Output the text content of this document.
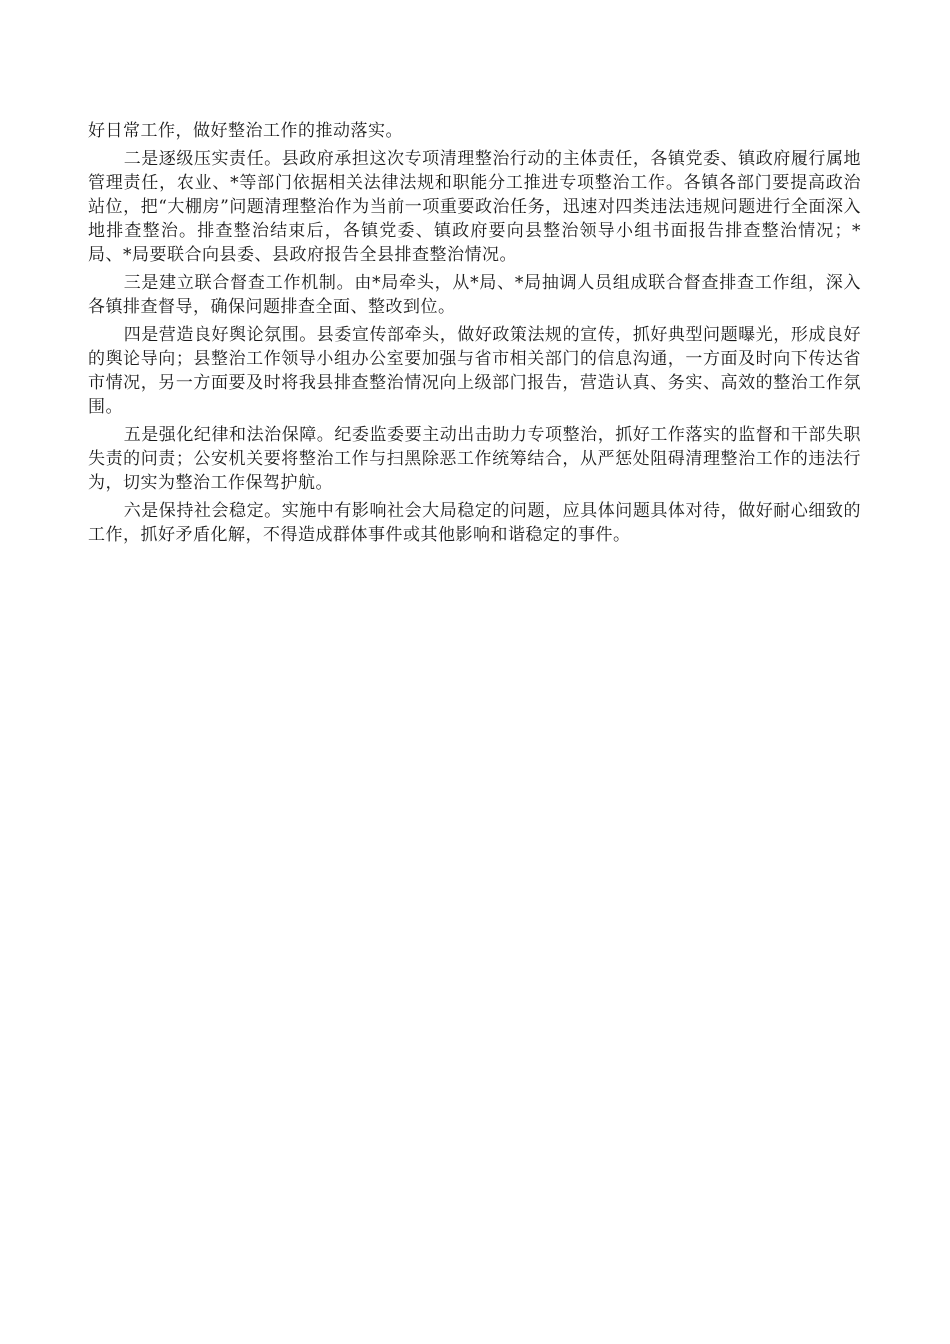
好日常工作，做好整治工作的推动落实。

二是逐级压实责任。县政府承担这次专项清理整治行动的主体责任，各镇党委、镇政府履行属地管理责任，农业、*等部门依据相关法律法规和职能分工推进专项整治工作。各镇各部门要提高政治站位，把“大棚房”问题清理整治作为当前一项重要政治任务，迅速对四类违法违规问题进行全面深入地排查整治。排查整治结束后，各镇党委、镇政府要向县整治领导小组书面报告排查整治情况；*局、*局要联合向县委、县政府报告全县排查整治情况。

三是建立联合督查工作机制。由*局牵头，从*局、*局抽调人员组成联合督查排查工作组，深入各镇排查督导，确保问题排查全面、整改到位。

四是营造良好舆论氛围。县委宣传部牵头，做好政策法规的宣传，抓好典型问题曝光，形成良好的舆论导向；县整治工作领导小组办公室要加强与省市相关部门的信息沟通，一方面及时向下传达省市情况，另一方面要及时将我县排查整治情况向上级部门报告，营造认真、务实、高效的整治工作氛围。

五是强化纪律和法治保障。纪委监委要主动出击助力专项整治，抓好工作落实的监督和干部失职失责的问责；公安机关要将整治工作与扫黑除恶工作统筹结合，从严惩处阻碍清理整治工作的违法行为，切实为整治工作保驾护航。

六是保持社会稳定。实施中有影响社会大局稳定的问题，应具体问题具体对待，做好耐心细致的工作，抓好矛盾化解，不得造成群体事件或其他影响和谐稳定的事件。
